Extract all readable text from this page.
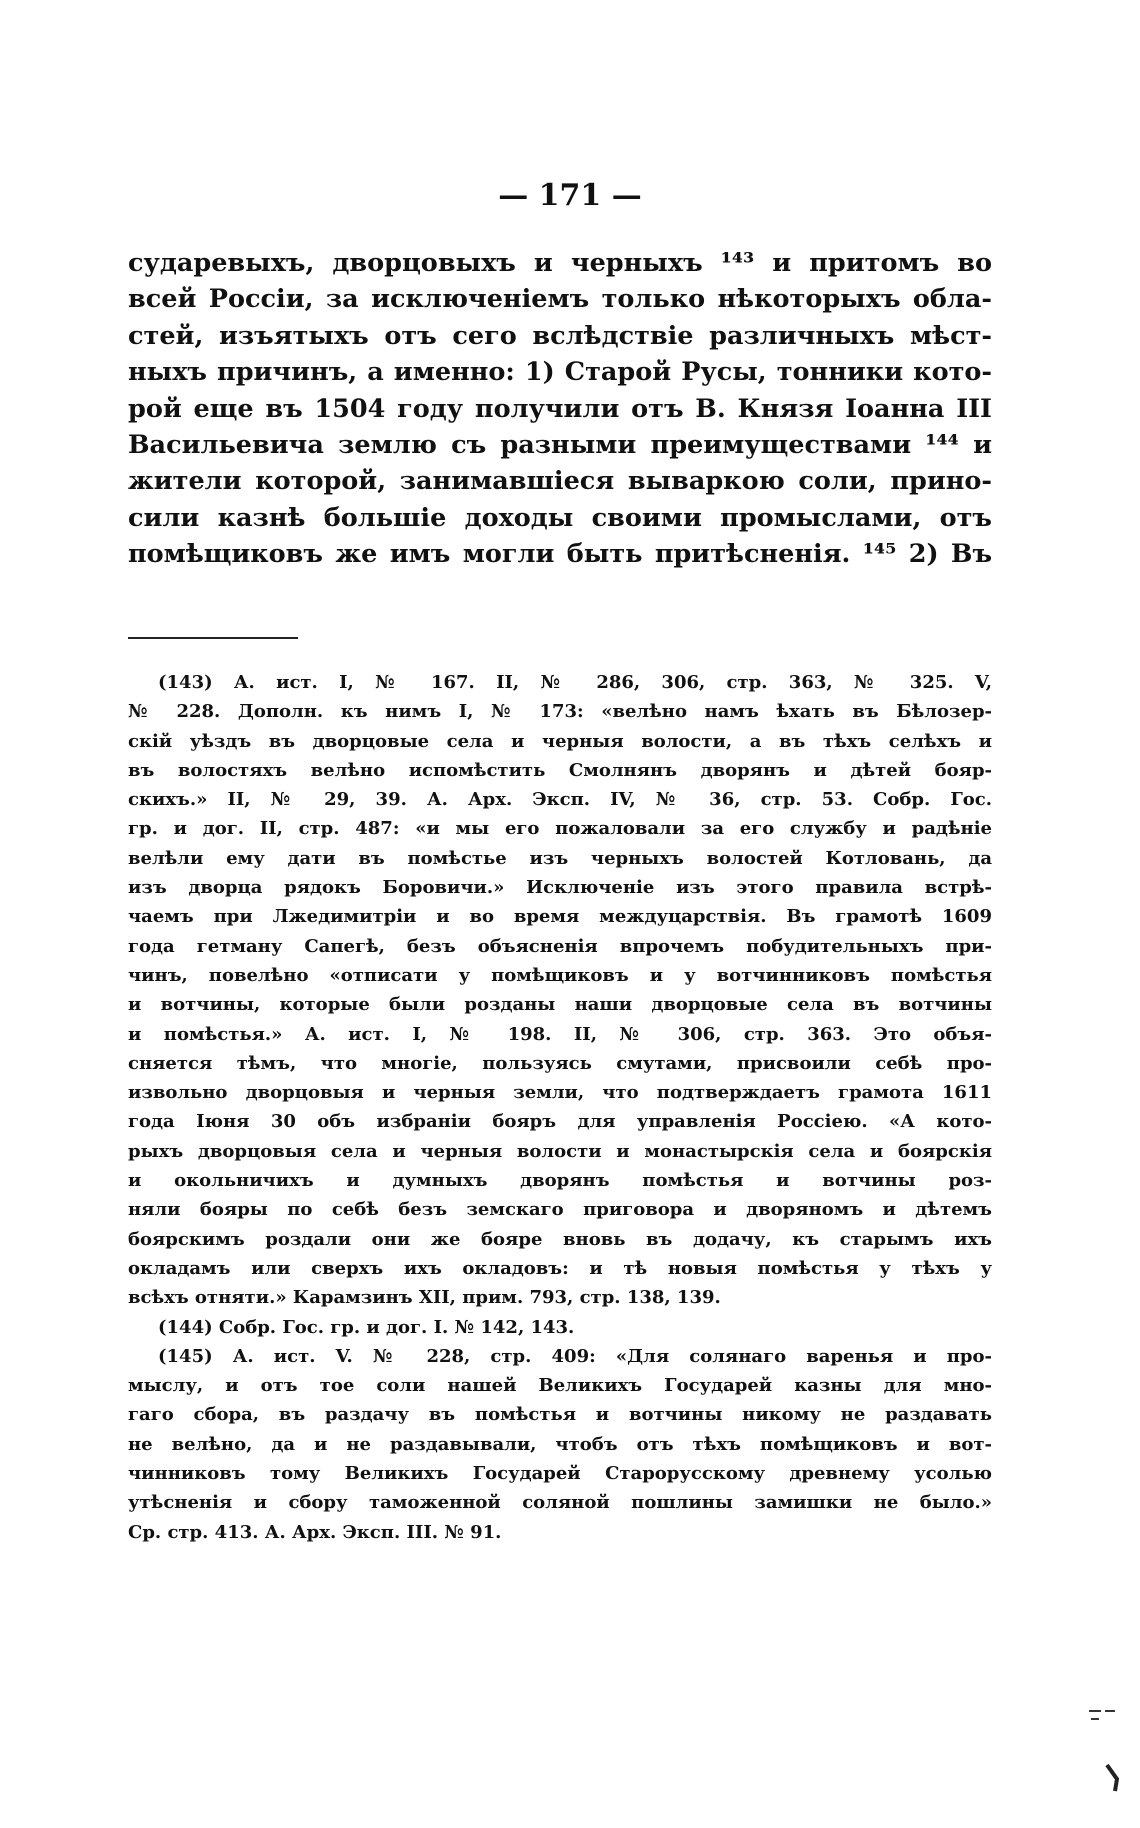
— 171 —
сударевыхъ, дворцовыхъ и черныхъ ¹⁴³ и притомъ во
всей Россiи, за исключенiемъ только нѣкоторыхъ обла-
стей, изъятыхъ отъ сего вслѣдствiе различныхъ мѣст-
ныхъ причинъ, а именно: 1) Старой Русы, тонники кото-
рой еще въ 1504 году получили отъ В. Князя Iоанна III
Васильевича землю съ разными преимуществами ¹⁴⁴ и
жители которой, занимавшiеся вываркою соли, прино-
сили казнѣ большiе доходы своими промыслами, отъ
помѣщиковъ же имъ могли быть притѣсненiя. ¹⁴⁵ 2) Въ
(143) А. ист. I, № 167. II, № 286, 306, стр. 363, № 325. V,
№ 228. Дополн. къ нимъ I, № 173: «велѣно намъ ѣхать въ Бѣлозер-
скiй уѣздъ въ дворцовые села и черныя волости, а въ тѣхъ селѣхъ и
въ волостяхъ велѣно испомѣстить Смолнянъ дворянъ и дѣтей бояр-
скихъ.» II, № 29, 39. А. Арх. Эксп. IV, № 36, стр. 53. Собр. Гос.
гр. и дог. II, стр. 487: «и мы его пожаловали за его службу и радѣнiе
велѣли ему дати въ помѣстье изъ черныхъ волостей Котловань, да
изъ дворца рядокъ Боровичи.» Исключенiе изъ этого правила встрѣ-
чаемъ при Лжедимитрiи и во время междуцарствiя. Въ грамотѣ 1609
года гетману Сапегѣ, безъ объясненiя впрочемъ побудительныхъ при-
чинъ, повелѣно «отписати у помѣщиковъ и у вотчинниковъ помѣстья
и вотчины, которые были розданы наши дворцовые села въ вотчины
и помѣстья.» А. ист. I, № 198. II, № 306, стр. 363. Это объя-
сняется тѣмъ, что многiе, пользуясь смутами, присвоили себѣ про-
извольно дворцовыя и черныя земли, что подтверждаетъ грамота 1611
года Iюня 30 объ избранiи бояръ для управленiя Россiею. «А кото-
рыхъ дворцовыя села и черныя волости и монастырскiя села и боярскiя
и окольничихъ и думныхъ дворянъ помѣстья и вотчины роз-
няли бояры по себѣ безъ земскаго приговора и дворяномъ и дѣтемъ
боярскимъ роздали они же бояре вновь въ додачу, къ старымъ ихъ
окладамъ или сверхъ ихъ окладовъ: и тѣ новыя помѣстья у тѣхъ у
всѣхъ отняти.» Карамзинъ XII, прим. 793, стр. 138, 139.
(144) Собр. Гос. гр. и дог. I. № 142, 143.
(145) А. ист. V. № 228, стр. 409: «Для солянаго варенья и про-
мыслу, и отъ тое соли нашей Великихъ Государей казны для мно-
гаго сбора, въ раздачу въ помѣстья и вотчины никому не раздавать
не велѣно, да и не раздавывали, чтобъ отъ тѣхъ помѣщиковъ и вот-
чинниковъ тому Великихъ Государей Старорусскому древнему усолью
утѣсненiя и сбору таможенной соляной пошлины замишки не было.»
Ср. стр. 413. А. Арх. Эксп. III. № 91.
